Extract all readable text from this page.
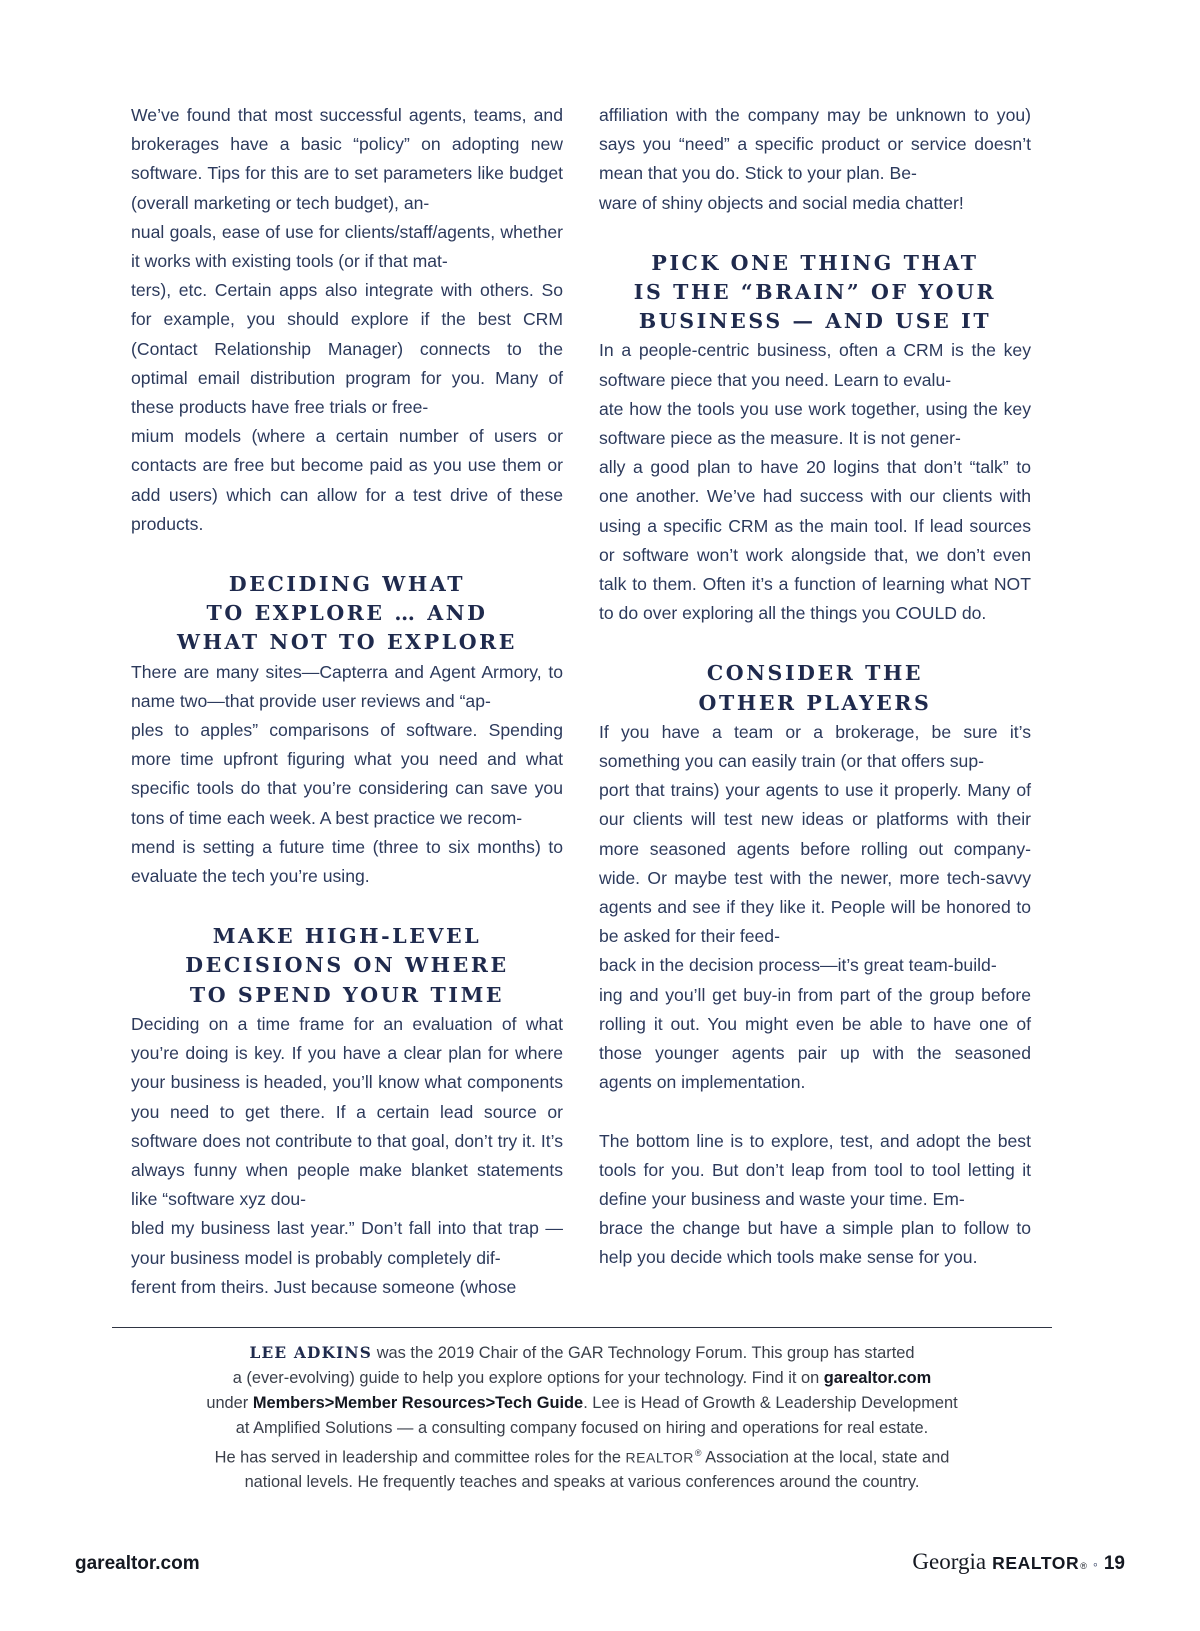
We’ve found that most successful agents, teams, and brokerages have a basic “policy” on adopting new software. Tips for this are to set parameters like budget (overall marketing or tech budget), an-
nual goals, ease of use for clients/staff/agents, whether it works with existing tools (or if that mat-
ters), etc. Certain apps also integrate with others. So for example, you should explore if the best CRM (Contact Relationship Manager) connects to the optimal email distribution program for you. Many of these products have free trials or free-
mium models (where a certain number of users or contacts are free but become paid as you use them or add users) which can allow for a test drive of these products.

DECIDING WHAT
TO EXPLORE … AND
WHAT NOT TO EXPLORE

There are many sites—Capterra and Agent Armory, to name two—that provide user reviews and “ap-
ples to apples” comparisons of software. Spending more time upfront figuring what you need and what specific tools do that you’re considering can save you tons of time each week. A best practice we recom-
mend is setting a future time (three to six months) to evaluate the tech you’re using.

MAKE HIGH-LEVEL
DECISIONS ON WHERE
TO SPEND YOUR TIME

Deciding on a time frame for an evaluation of what you’re doing is key. If you have a clear plan for where your business is headed, you’ll know what components you need to get there. If a certain lead source or software does not contribute to that goal, don’t try it. It’s always funny when people make blanket statements like “software xyz dou-
bled my business last year.” Don’t fall into that trap —your business model is probably completely dif-
ferent from theirs. Just because someone (whose

affiliation with the company may be unknown to you) says you “need” a specific product or service doesn’t mean that you do. Stick to your plan. Be-
ware of shiny objects and social media chatter!

PICK ONE THING THAT
IS THE “BRAIN” OF YOUR
BUSINESS — AND USE IT

In a people-centric business, often a CRM is the key software piece that you need. Learn to evalu-
ate how the tools you use work together, using the key software piece as the measure. It is not gener-
ally a good plan to have 20 logins that don’t “talk” to one another. We’ve had success with our clients with using a specific CRM as the main tool. If lead sources or software won’t work alongside that, we don’t even talk to them. Often it’s a function of learning what NOT to do over exploring all the things you COULD do.

CONSIDER THE
OTHER PLAYERS

If you have a team or a brokerage, be sure it’s something you can easily train (or that offers sup-
port that trains) your agents to use it properly. Many of our clients will test new ideas or platforms with their more seasoned agents before rolling out company-wide. Or maybe test with the newer, more tech-savvy agents and see if they like it. People will be honored to be asked for their feed-
back in the decision process—it’s great team-build-
ing and you’ll get buy-in from part of the group before rolling it out. You might even be able to have one of those younger agents pair up with the seasoned agents on implementation.

The bottom line is to explore, test, and adopt the best tools for you. But don’t leap from tool to tool letting it define your business and waste your time. Em-
brace the change but have a simple plan to follow to help you decide which tools make sense for you.

LEE ADKINS was the 2019 Chair of the GAR Technology Forum. This group has started
a (ever-evolving) guide to help you explore options for your technology. Find it on garealtor.com
under Members>Member Resources>Tech Guide. Lee is Head of Growth & Leadership Development
at Amplified Solutions — a consulting company focused on hiring and operations for real estate.
He has served in leadership and committee roles for the REALTOR® Association at the local, state and
national levels. He frequently teaches and speaks at various conferences around the country.
garealtor.com	Georgia REALTOR ® ◦ 19
